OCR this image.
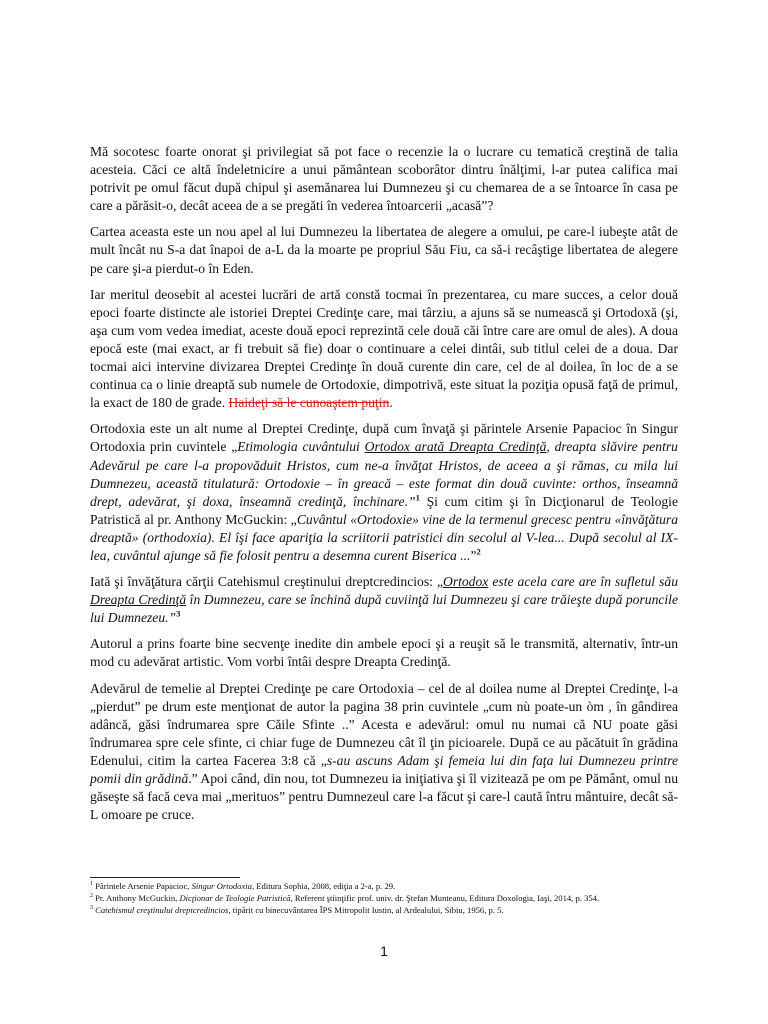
Mă socotesc foarte onorat şi privilegiat să pot face o recenzie la o lucrare cu tematică creştină de talia acesteia. Căci ce altă îndeletnicire a unui pământean scoborâtor dintru înălţimi, l-ar putea califica mai potrivit pe omul făcut după chipul şi asemănarea lui Dumnezeu şi cu chemarea de a se întoarce în casa pe care a părăsit-o, decât aceea de a se pregăti în vederea întoarcerii „acasă”?

Cartea aceasta este un nou apel al lui Dumnezeu la libertatea de alegere a omului, pe care-l iubeşte atât de mult încât nu S-a dat înapoi de a-L da la moarte pe propriul Său Fiu, ca să-i recâştige libertatea de alegere pe care şi-a pierdut-o în Eden.

Iar meritul deosebit al acestei lucrări de artă constă tocmai în prezentarea, cu mare succes, a celor două epoci foarte distincte ale istoriei Dreptei Credinţe care, mai târziu, a ajuns să se numească şi Ortodoxă (şi, aşa cum vom vedea imediat, aceste două epoci reprezintă cele două căi între care are omul de ales). A doua epocă este (mai exact, ar fi trebuit să fie) doar o continuare a celei dintâi, sub titlul celei de a doua. Dar tocmai aici intervine divizarea Dreptei Credinţe în două curente din care, cel de al doilea, în loc de a se continua ca o linie dreaptă sub numele de Ortodoxie, dimpotrivă, este situat la poziţia opusă faţă de primul, la exact de 180 de grade. Haideţi să le cunoaştem puţin.

Ortodoxia este un alt nume al Dreptei Credinţe, după cum învaţă şi părintele Arsenie Papacioc în Singur Ortodoxia prin cuvintele „Etimologia cuvântului Ortodox arată Dreapta Credinţă, dreapta slăvire pentru Adevărul pe care l-a propovăduit Hristos, cum ne-a învăţat Hristos, de aceea a şi rămas, cu mila lui Dumnezeu, această titulatură: Ortodoxie – în greacă – este format din două cuvinte: orthos, înseamnă drept, adevărat, şi doxa, înseamnă credinţă, închinare.”$^1$ Şi cum citim şi în Dicţionarul de Teologie Patristică al pr. Anthony McGuckin: „Cuvântul «Ortodoxie» vine de la termenul grecesc pentru «învăţătura dreaptă» (orthodoxia). El îşi face apariţia la scriitorii patristici din secolul al V-lea... După secolul al IX-lea, cuvântul ajunge să fie folosit pentru a desemna curent Biserica ...”$^2$

Iată şi învăţătura cărţii Catehismul creştinului dreptcredincios: „Ortodox este acela care are în sufletul său Dreapta Credinţă în Dumnezeu, care se închină după cuviinţă lui Dumnezeu şi care trăieşte după poruncile lui Dumnezeu.”$^3$

Autorul a prins foarte bine secvenţe inedite din ambele epoci şi a reuşit să le transmită, alternativ, într-un mod cu adevărat artistic. Vom vorbi întâi despre Dreapta Credinţă.

Adevărul de temelie al Dreptei Credinţe pe care Ortodoxia – cel de al doilea nume al Dreptei Credinţe, l-a „pierdut” pe drum este menţionat de autor la pagina 38 prin cuvintele „cum nù poate-un òm , în gândirea adâncă, găsi îndrumarea spre Căile Sfinte ..” Acesta e adevărul: omul nu numai că NU poate găsi îndrumarea spre cele sfinte, ci chiar fuge de Dumnezeu cât îl ţin picioarele. După ce au păcătuit în grădina Edenului, citim la cartea Facerea 3:8 că „s-au ascuns Adam şi femeia lui din faţa lui Dumnezeu printre pomii din grădină.” Apoi când, din nou, tot Dumnezeu ia iniţiativa şi îl vizitează pe om pe Pământ, omul nu găseşte să facă ceva mai „merituos” pentru Dumnezeul care l-a făcut şi care-l caută întru mântuire, decât să-L omoare pe cruce.

$^1$ Părintele Arsenie Papacioc, Singur Ortodoxia, Editura Sophia, 2008, ediţia a 2-a, p. 29.
$^2$ Pr. Anthony McGuckin, Dicţionar de Teologie Patristică, Referent ştiinţific prof. univ. dr. Ştefan Munteanu, Editura Doxologia, Iaşi, 2014, p. 354.
$^3$ Catehismul creştinului dreptcredincios, tipărit cu binecuvântarea ÎPS Mitropolit Iustin, al Ardealului, Sibiu, 1956, p. 5.
1
